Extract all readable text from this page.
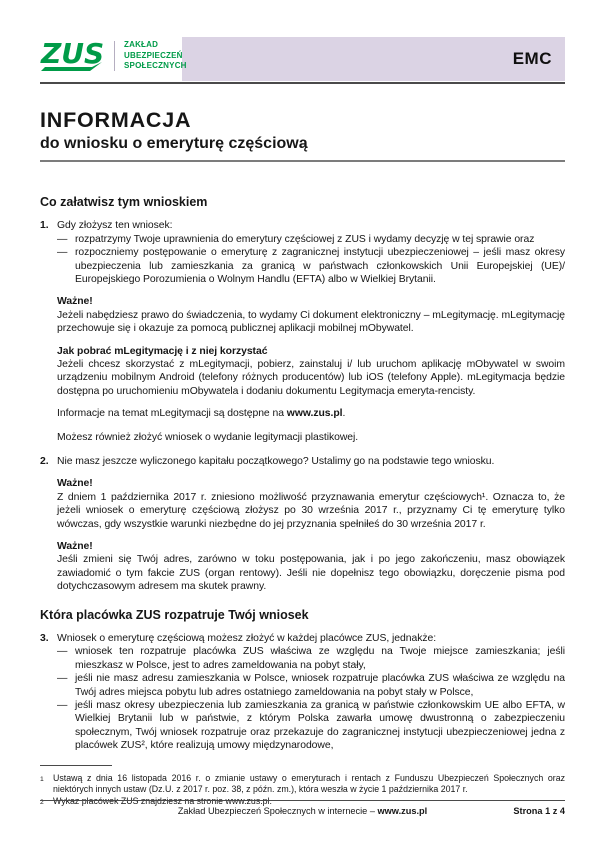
EMC
ZUS ZAKŁAD
UBEZPIECZEŃ
SPOŁECZNYCH
INFORMACJA
do wniosku o emeryturę częściową
Co załatwisz tym wnioskiem
1. Gdy złożysz ten wniosek:
— rozpatrzymy Twoje uprawnienia do emerytury częściowej z ZUS i wydamy decyzję w tej sprawie oraz
— rozpoczniemy postępowanie o emeryturę z zagranicznej instytucji ubezpieczeniowej – jeśli masz okresy ubezpieczenia lub zamieszkania za granicą w państwach członkowskich Unii Europejskiej (UE)/ Europejskiego Porozumienia o Wolnym Handlu (EFTA) albo w Wielkiej Brytanii.
Ważne!
Jeżeli nabędziesz prawo do świadczenia, to wydamy Ci dokument elektroniczny – mLegitymację. mLegitymację przechowuje się i okazuje za pomocą publicznej aplikacji mobilnej mObywatel.
Jak pobrać mLegitymację i z niej korzystać
Jeżeli chcesz skorzystać z mLegitymacji, pobierz, zainstaluj i/ lub uruchom aplikację mObywatel w swoim urządzeniu mobilnym Android (telefony różnych producentów) lub iOS (telefony Apple). mLegitymacja będzie dostępna po uruchomieniu mObywatela i dodaniu dokumentu Legitymacja emeryta-rencisty.

Informacje na temat mLegitymacji są dostępne na www.zus.pl.

Możesz również złożyć wniosek o wydanie legitymacji plastikowej.

2. Nie masz jeszcze wyliczonego kapitału początkowego? Ustalimy go na podstawie tego wniosku.
Ważne!
Z dniem 1 października 2017 r. zniesiono możliwość przyznawania emerytur częściowych¹. Oznacza to, że jeżeli wniosek o emeryturę częściową złożysz po 30 września 2017 r., przyznamy Ci tę emeryturę tylko wówczas, gdy wszystkie warunki niezbędne do jej przyznania spełniłeś do 30 września 2017 r.
Ważne!
Jeśli zmieni się Twój adres, zarówno w toku postępowania, jak i po jego zakończeniu, masz obowiązek zawiadomić o tym fakcie ZUS (organ rentowy). Jeśli nie dopełnisz tego obowiązku, doręczenie pisma pod dotychczasowym adresem ma skutek prawny.
Która placówka ZUS rozpatruje Twój wniosek
3. Wniosek o emeryturę częściową możesz złożyć w każdej placówce ZUS, jednakże:
— wniosek ten rozpatruje placówka ZUS właściwa ze względu na Twoje miejsce zamieszkania; jeśli mieszkasz w Polsce, jest to adres zameldowania na pobyt stały,
— jeśli nie masz adresu zamieszkania w Polsce, wniosek rozpatruje placówka ZUS właściwa ze względu na Twój adres miejsca pobytu lub adres ostatniego zameldowania na pobyt stały w Polsce,
— jeśli masz okresy ubezpieczenia lub zamieszkania za granicą w państwie członkowskim UE albo EFTA, w Wielkiej Brytanii lub w państwie, z którym Polska zawarła umowę dwustronną o zabezpieczeniu społecznym, Twój wniosek rozpatruje oraz przekazuje do zagranicznej instytucji ubezpieczeniowej jedna z placówek ZUS², które realizują umowy międzynarodowe,
1	Ustawą z dnia 16 listopada 2016 r. o zmianie ustawy o emeryturach i rentach z Funduszu Ubezpieczeń Społecznych oraz niektórych innych ustaw (Dz.U. z 2017 r. poz. 38, z późn. zm.), która weszła w życie 1 października 2017 r.
2	Wykaz placówek ZUS znajdziesz na stronie www.zus.pl.
Zakład Ubezpieczeń Społecznych w internecie – www.zus.pl	Strona 1 z 4
